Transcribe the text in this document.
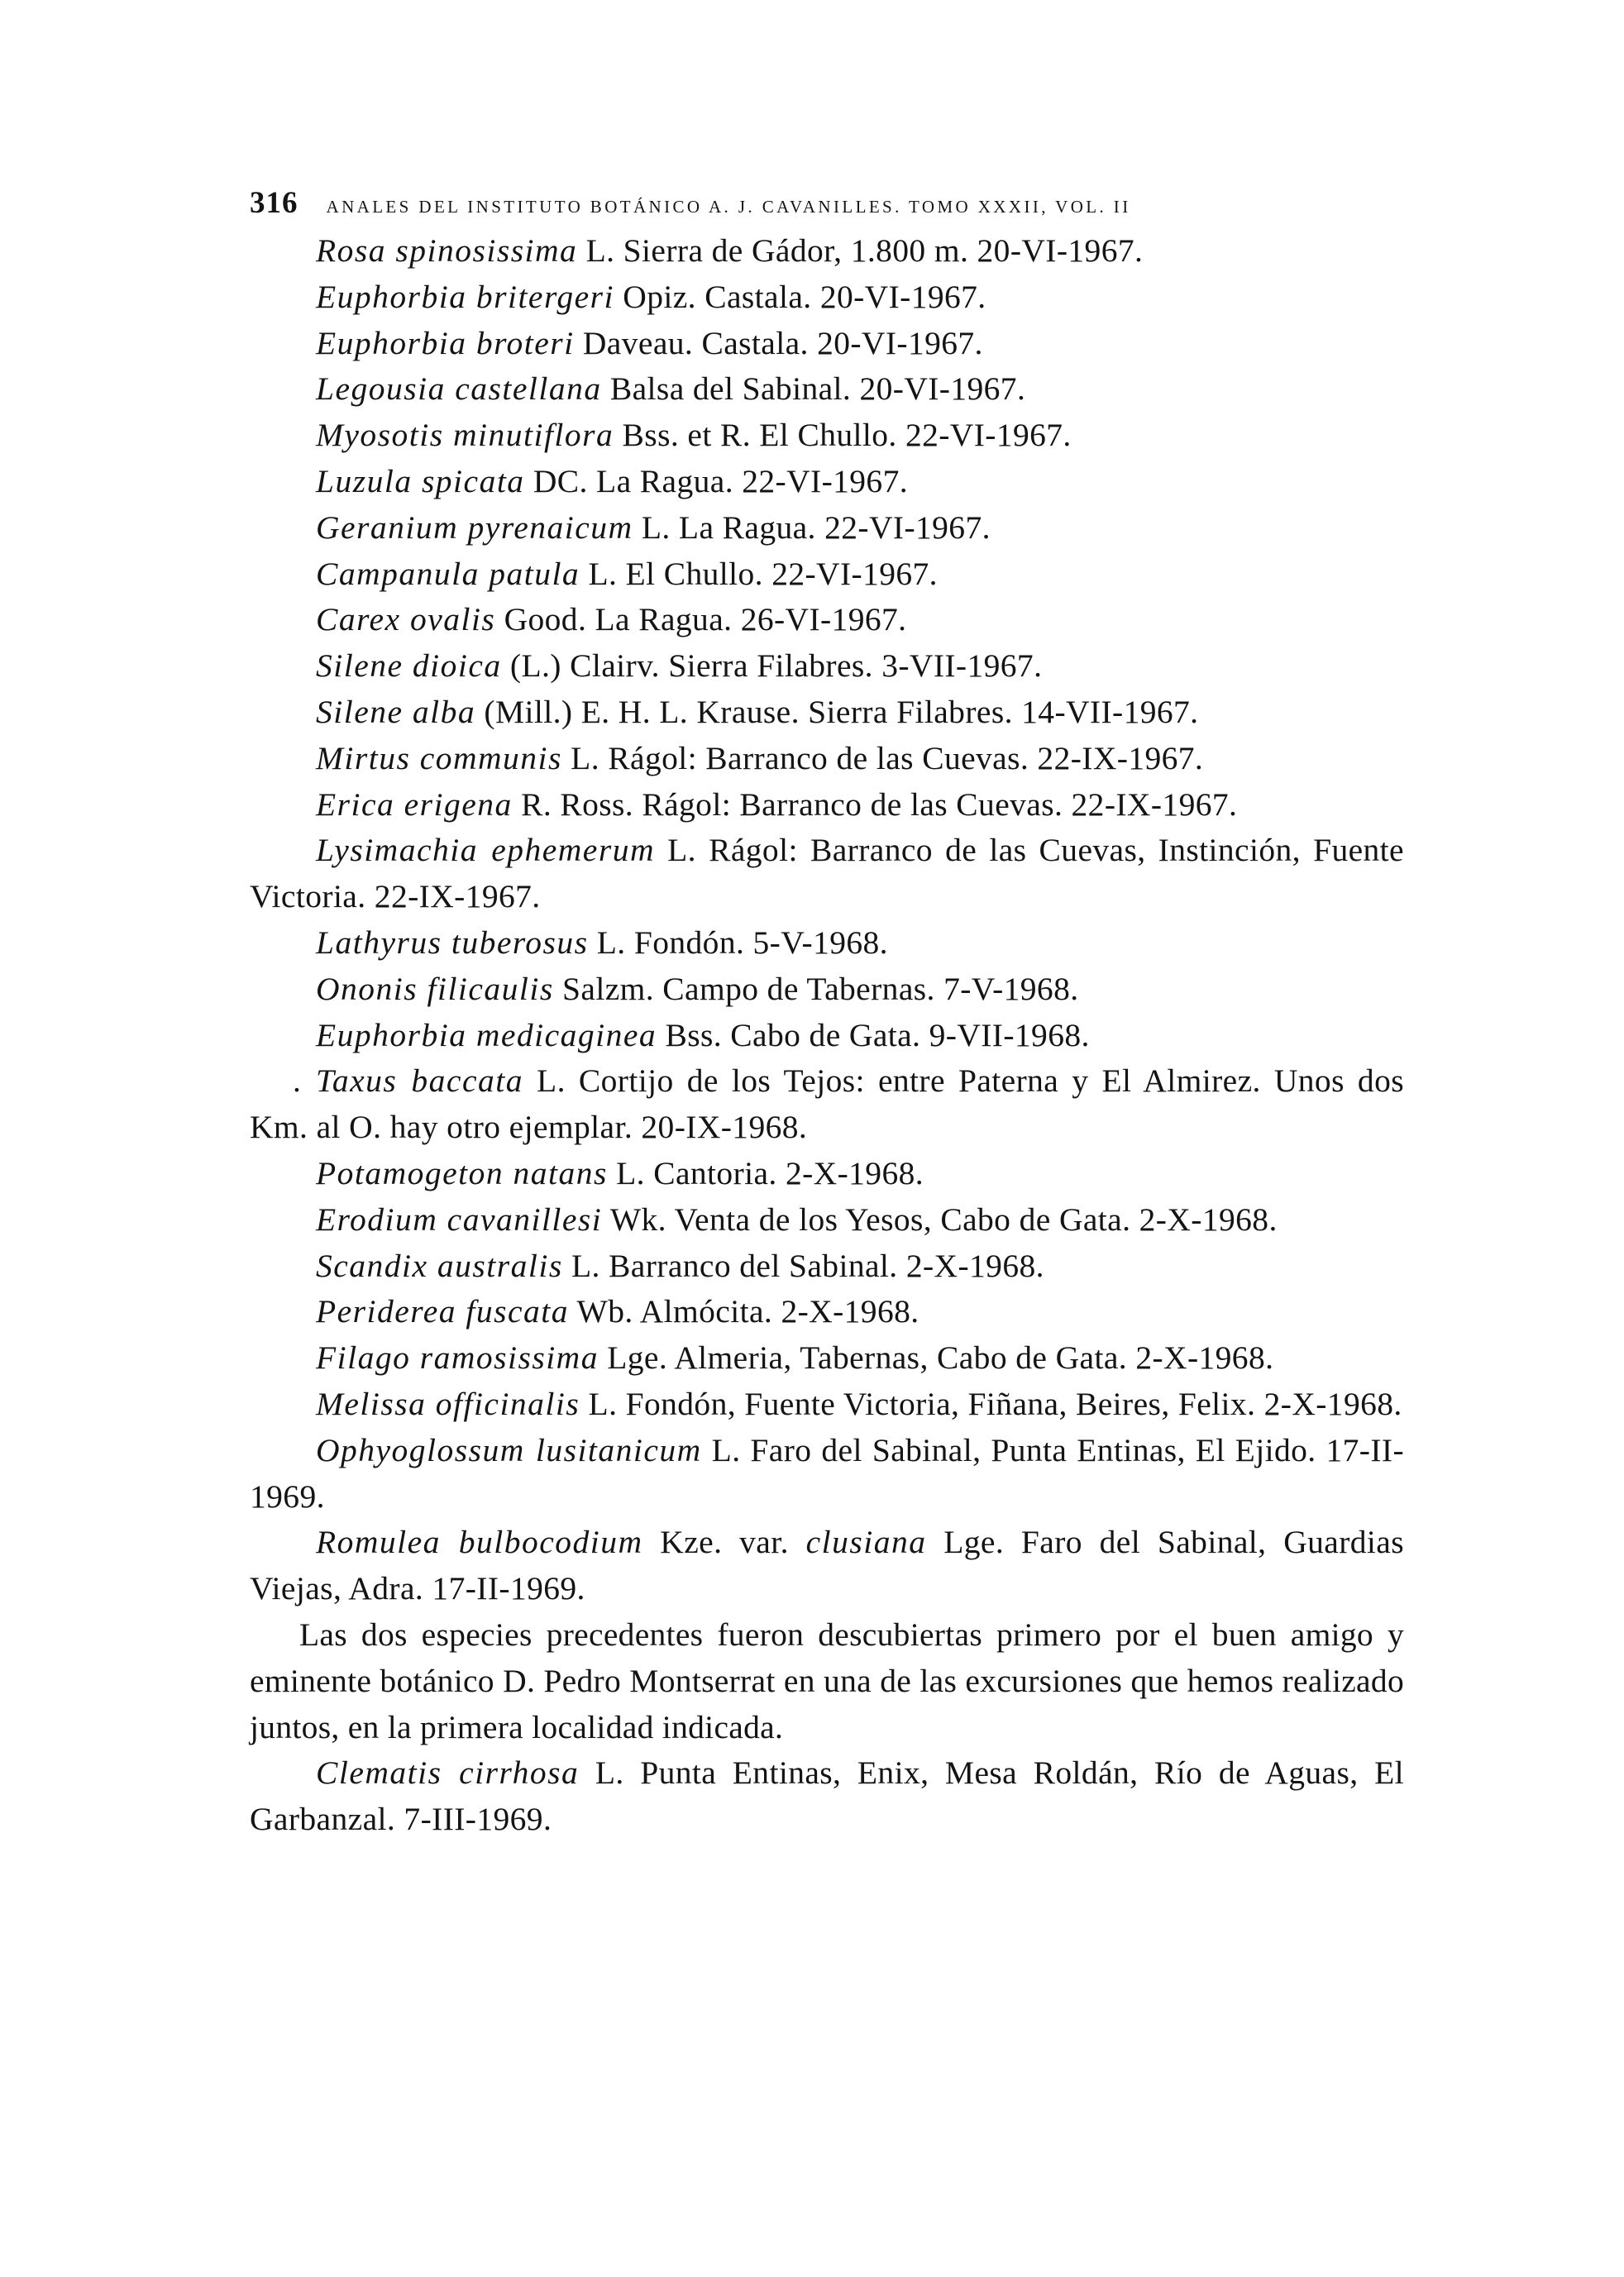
316 ANALES DEL INSTITUTO BOTÁNICO A. J. CAVANILLES. TOMO XXXII, VOL. II

Rosa spinosissima L. Sierra de Gádor, 1.800 m. 20-VI-1967.

Euphorbia britergeri Opiz. Castala. 20-VI-1967.

Euphorbia broteri Daveau. Castala. 20-VI-1967.

Legousia castellana Balsa del Sabinal. 20-VI-1967.

Myosotis minutiflora Bss. et R. El Chullo. 22-VI-1967.

Luzula spicata DC. La Ragua. 22-VI-1967.

Geranium pyrenaicum L. La Ragua. 22-VI-1967.

Campanula patula L. El Chullo. 22-VI-1967.

Carex ovalis Good. La Ragua. 26-VI-1967.

Silene dioica (L.) Clairv. Sierra Filabres. 3-VII-1967.

Silene alba (Mill.) E. H. L. Krause. Sierra Filabres. 14-VII-1967.

Mirtus communis L. Rágol: Barranco de las Cuevas. 22-IX-1967.

Erica erigena R. Ross. Rágol: Barranco de las Cuevas. 22-IX-1967.

Lysimachia ephemerum L. Rágol: Barranco de las Cuevas, Instinción, Fuente Victoria. 22-IX-1967.

Lathyrus tuberosus L. Fondón. 5-V-1968.

Ononis filicaulis Salzm. Campo de Tabernas. 7-V-1968.

Euphorbia medicaginea Bss. Cabo de Gata. 9-VII-1968.

. Taxus baccata L. Cortijo de los Tejos: entre Paterna y El Almirez. Unos dos Km. al O. hay otro ejemplar. 20-IX-1968.

Potamogeton natans L. Cantoria. 2-X-1968.

Erodium cavanillesi Wk. Venta de los Yesos, Cabo de Gata. 2-X-1968.

Scandix australis L. Barranco del Sabinal. 2-X-1968.

Periderea fuscata Wb. Almócita. 2-X-1968.

Filago ramosissima Lge. Almeria, Tabernas, Cabo de Gata. 2-X-1968.

Melissa officinalis L. Fondón, Fuente Victoria, Fiñana, Beires, Felix. 2-X-1968.

Ophyoglossum lusitanicum L. Faro del Sabinal, Punta Entinas, El Ejido. 17-II-1969.

Romulea bulbocodium Kze. var. clusiana Lge. Faro del Sabinal, Guardias Viejas, Adra. 17-II-1969.

Las dos especies precedentes fueron descubiertas primero por el buen amigo y eminente botánico D. Pedro Montserrat en una de las excursiones que hemos realizado juntos, en la primera localidad indicada.

Clematis cirrhosa L. Punta Entinas, Enix, Mesa Roldán, Río de Aguas, El Garbanzal. 7-III-1969.
